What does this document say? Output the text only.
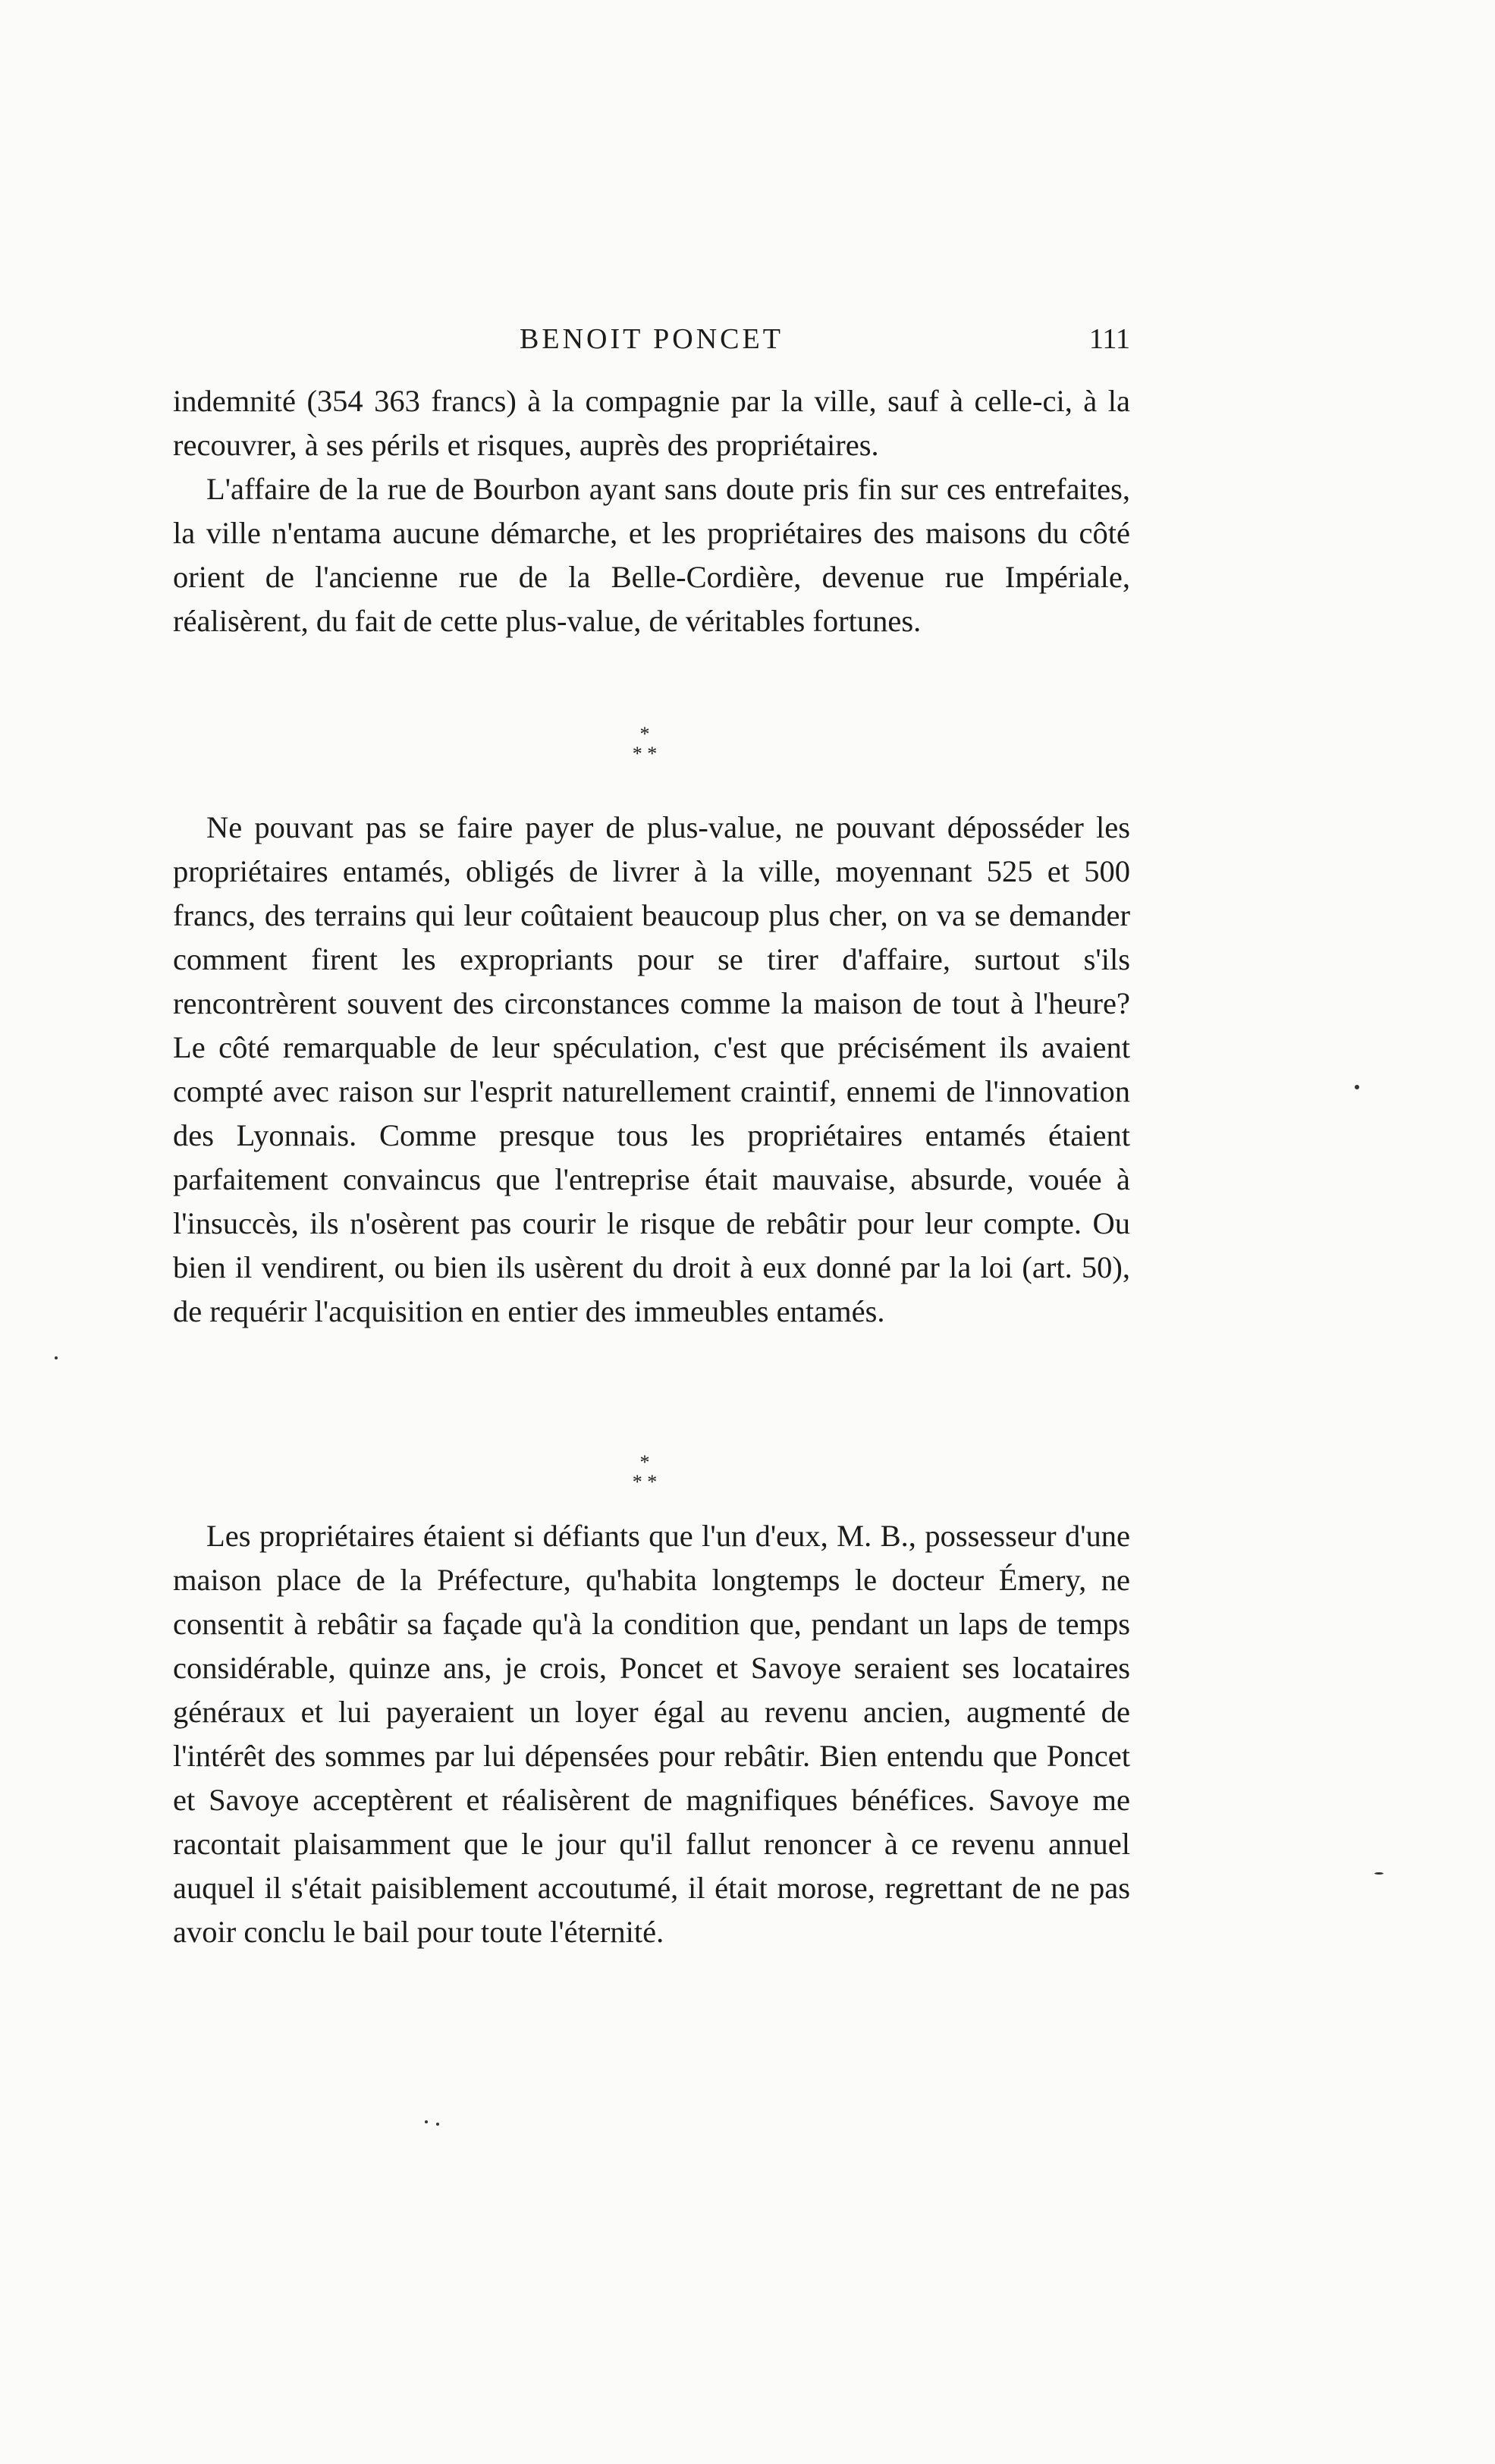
BENOIT PONCET	111

indemnité (354 363 francs) à la compagnie par la ville, sauf à celle-ci, à la recouvrer, à ses périls et risques, auprès des propriétaires.

L'affaire de la rue de Bourbon ayant sans doute pris fin sur ces entrefaites, la ville n'entama aucune démarche, et les propriétaires des maisons du côté orient de l'ancienne rue de la Belle-Cordière, devenue rue Impériale, réalisèrent, du fait de cette plus-value, de véritables fortunes.

*
* *

Ne pouvant pas se faire payer de plus-value, ne pouvant déposséder les propriétaires entamés, obligés de livrer à la ville, moyennant 525 et 500 francs, des terrains qui leur coûtaient beaucoup plus cher, on va se demander comment firent les expropriants pour se tirer d'affaire, surtout s'ils rencontrèrent souvent des circonstances comme la maison de tout à l'heure? Le côté remarquable de leur spéculation, c'est que précisément ils avaient compté avec raison sur l'esprit naturellement craintif, ennemi de l'innovation des Lyonnais. Comme presque tous les propriétaires entamés étaient parfaitement convaincus que l'entreprise était mauvaise, absurde, vouée à l'insuccès, ils n'osèrent pas courir le risque de rebâtir pour leur compte. Ou bien il vendirent, ou bien ils usèrent du droit à eux donné par la loi (art. 50), de requérir l'acquisition en entier des immeubles entamés.

*
* *

Les propriétaires étaient si défiants que l'un d'eux, M. B., possesseur d'une maison place de la Préfecture, qu'habita longtemps le docteur Émery, ne consentit à rebâtir sa façade qu'à la condition que, pendant un laps de temps considérable, quinze ans, je crois, Poncet et Savoye seraient ses locataires généraux et lui payeraient un loyer égal au revenu ancien, augmenté de l'intérêt des sommes par lui dépensées pour rebâtir. Bien entendu que Poncet et Savoye acceptèrent et réalisèrent de magnifiques bénéfices. Savoye me racontait plaisamment que le jour qu'il fallut renoncer à ce revenu annuel auquel il s'était paisiblement accoutumé, il était morose, regrettant de ne pas avoir conclu le bail pour toute l'éternité.
